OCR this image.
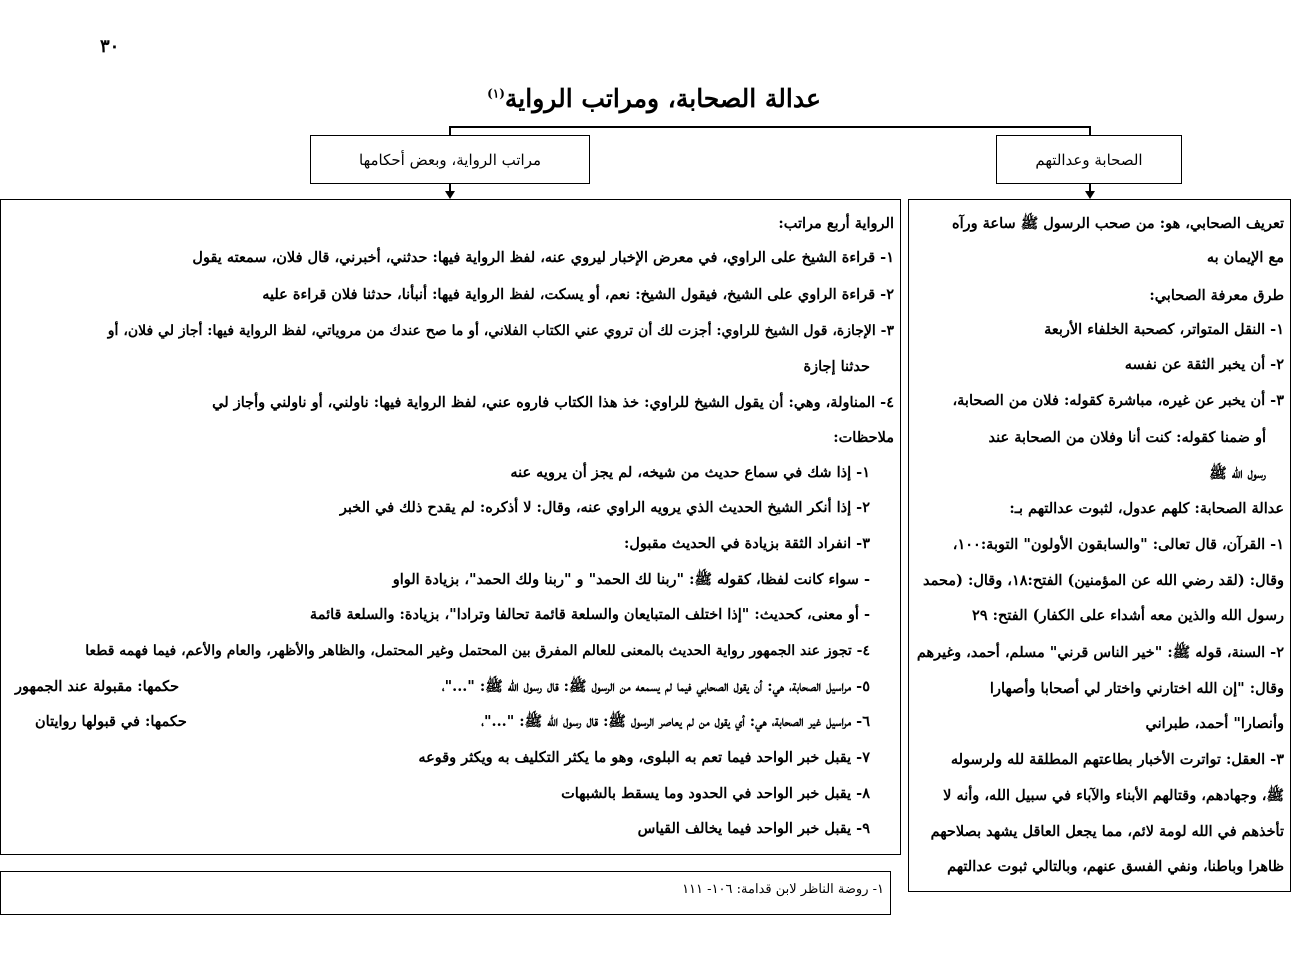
٣٠
عدالة الصحابة، ومراتب الرواية$^{(١)}$
الصحابة وعدالتهم
مراتب الرواية، وبعض أحكامها
تعريف الصحابي، هو: من صحب الرسول ﷺ ساعة ورآه
مع الإيمان به
طرق معرفة الصحابي:
١- النقل المتواتر، كصحبة الخلفاء الأربعة
٢- أن يخبر الثقة عن نفسه
٣- أن يخبر عن غيره، مباشرة كقوله: فلان من الصحابة،
أو ضمنا كقوله: كنت أنا وفلان من الصحابة عند
رسول الله ﷺ
عدالة الصحابة: كلهم عدول، لثبوت عدالتهم بـ:
١- القرآن، قال تعالى: "والسابقون الأولون" التوبة:١٠٠،
وقال: (لقد رضي الله عن المؤمنين) الفتح:١٨، وقال: (محمد
رسول الله والذين معه أشداء على الكفار) الفتح: ٢٩
٢- السنة، قوله ﷺ: "خير الناس قرني" مسلم، أحمد، وغيرهم
وقال: "إن الله اختارني واختار لي أصحابا وأصهارا
وأنصارا" أحمد، طبراني
٣- العقل: تواترت الأخبار بطاعتهم المطلقة لله ولرسوله
ﷺ، وجهادهم، وقتالهم الأبناء والآباء في سبيل الله، وأنه لا
تأخذهم في الله لومة لائم، مما يجعل العاقل يشهد بصلاحهم
ظاهرا وباطنا، ونفي الفسق عنهم، وبالتالي ثبوت عدالتهم
الرواية أربع مراتب:
١- قراءة الشيخ على الراوي، في معرض الإخبار ليروي عنه، لفظ الرواية فيها: حدثني، أخبرني، قال فلان، سمعته يقول
٢- قراءة الراوي على الشيخ، فيقول الشيخ: نعم، أو يسكت، لفظ الرواية فيها: أنبأنا، حدثنا فلان قراءة عليه
٣- الإجازة، قول الشيخ للراوي: أجزت لك أن تروي عني الكتاب الفلاني، أو ما صح عندك من مروياتي، لفظ الرواية فيها: أجاز لي فلان، أو
حدثنا إجازة
٤- المناولة، وهي: أن يقول الشيخ للراوي: خذ هذا الكتاب فاروه عني، لفظ الرواية فيها: ناولني، أو ناولني وأجاز لي
ملاحظات:
١- إذا شك في سماع حديث من شيخه، لم يجز أن يرويه عنه
٢- إذا أنكر الشيخ الحديث الذي يرويه الراوي عنه، وقال: لا أذكره: لم يقدح ذلك في الخبر
٣- انفراد الثقة بزيادة في الحديث مقبول:
- سواء كانت لفظا، كقوله ﷺ: "ربنا لك الحمد" و "ربنا ولك الحمد"، بزيادة الواو
- أو معنى، كحديث: "إذا اختلف المتبايعان والسلعة قائمة تحالفا وترادا"، بزيادة: والسلعة قائمة
٤- تجوز عند الجمهور رواية الحديث بالمعنى للعالم المفرق بين المحتمل وغير المحتمل، والظاهر والأظهر، والعام والأعم، فيما فهمه قطعا
٥- مراسيل الصحابة، هي: أن يقول الصحابي فيما لم يسمعه من الرسول ﷺ: قال رسول الله ﷺ: "..."،
حكمها: مقبولة عند الجمهور
٦- مراسيل غير الصحابة، هي: أي يقول من لم يعاصر الرسول ﷺ: قال رسول الله ﷺ: "..."،
حكمها: في قبولها روايتان
٧- يقبل خبر الواحد فيما تعم به البلوى، وهو ما يكثر التكليف به ويكثر وقوعه
٨- يقبل خبر الواحد في الحدود وما يسقط بالشبهات
٩- يقبل خبر الواحد فيما يخالف القياس
١- روضة الناظر لابن قدامة: ١٠٦- ١١١
